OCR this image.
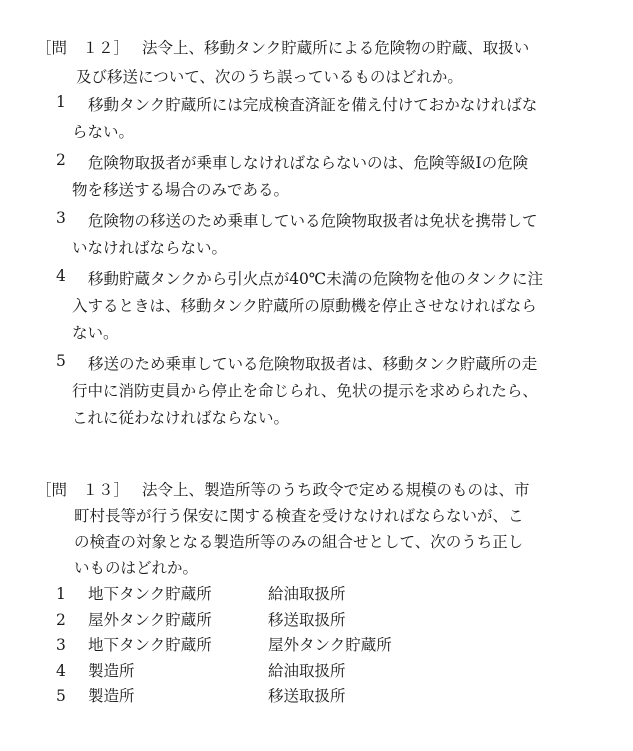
［問　１２］ 法令上、移動タンク貯蔵所による危険物の貯蔵、取扱い
及び移送について、次のうち誤っているものはどれか。
1 移動タンク貯蔵所には完成検査済証を備え付けておかなければな
らない。
2 危険物取扱者が乗車しなければならないのは、危険等級Ⅰの危険
物を移送する場合のみである。
3 危険物の移送のため乗車している危険物取扱者は免状を携帯して
いなければならない。
4 移動貯蔵タンクから引火点が40℃未満の危険物を他のタンクに注
入するときは、移動タンク貯蔵所の原動機を停止させなければなら
ない。
5 移送のため乗車している危険物取扱者は、移動タンク貯蔵所の走
行中に消防吏員から停止を命じられ、免状の提示を求められたら、
これに従わなければならない。
［問　１３］ 法令上、製造所等のうち政令で定める規模のものは、市
町村長等が行う保安に関する検査を受けなければならないが、こ
の検査の対象となる製造所等のみの組合せとして、次のうち正し
いものはどれか。
1 地下タンク貯蔵所	給油取扱所
2 屋外タンク貯蔵所	移送取扱所
3 地下タンク貯蔵所	屋外タンク貯蔵所
4 製造所	給油取扱所
5 製造所	移送取扱所
